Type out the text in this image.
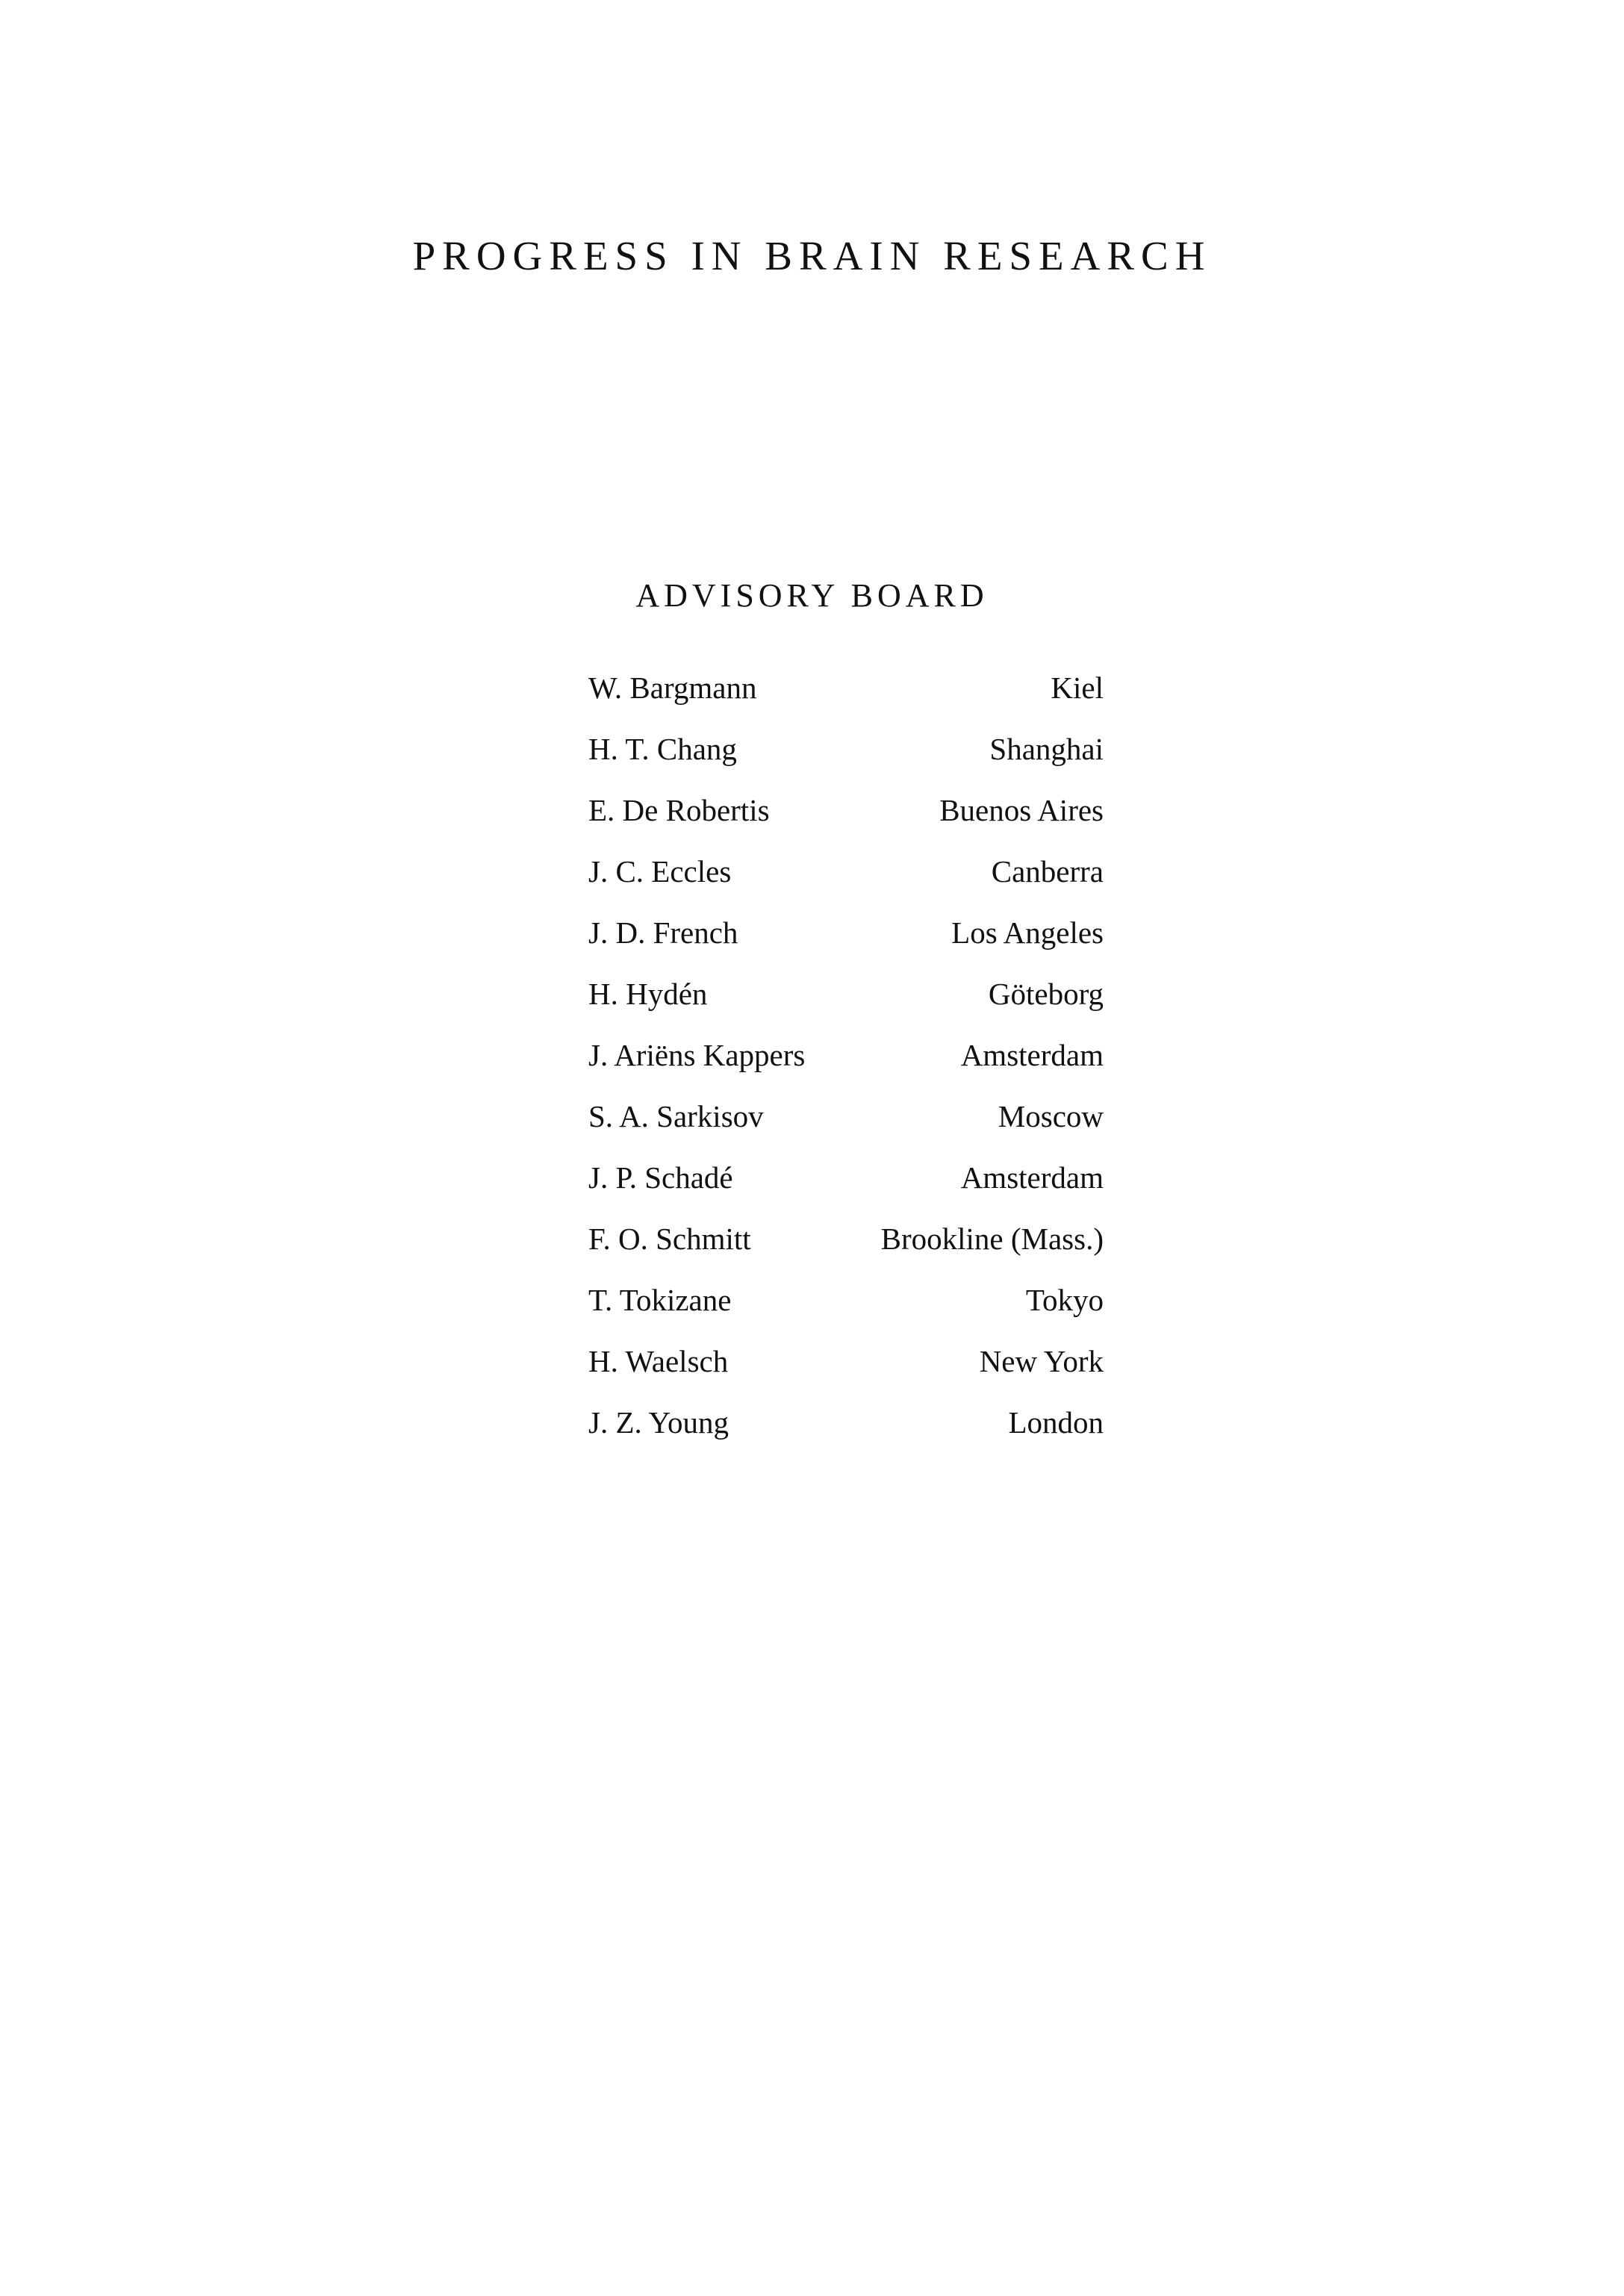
PROGRESS IN BRAIN RESEARCH
ADVISORY BOARD
W. Bargmann	Kiel
H. T. Chang	Shanghai
E. De Robertis	Buenos Aires
J. C. Eccles	Canberra
J. D. French	Los Angeles
H. Hydén	Göteborg
J. Ariëns Kappers	Amsterdam
S. A. Sarkisov	Moscow
J. P. Schadé	Amsterdam
F. O. Schmitt	Brookline (Mass.)
T. Tokizane	Tokyo
H. Waelsch	New York
J. Z. Young	London
